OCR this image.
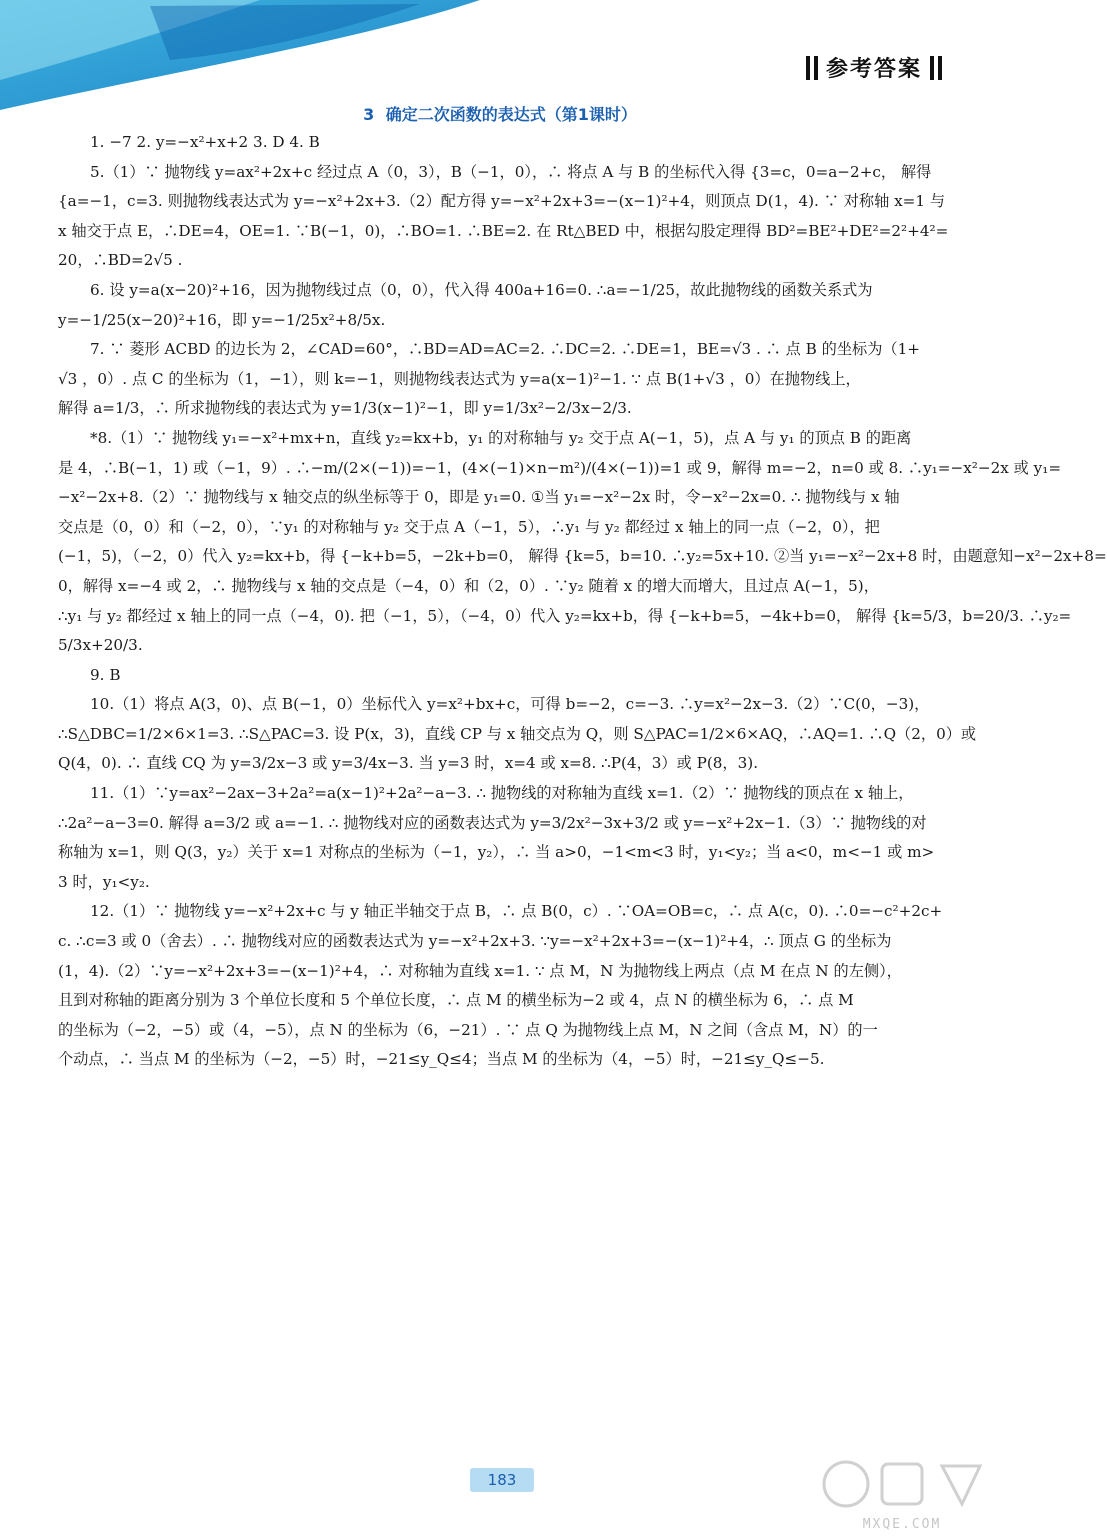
参考答案
3 确定二次函数的表达式（第1课时）
1. −7 2. y=−x²+x+2 3. D 4. B
5.（1）∵ 抛物线 y=ax²+2x+c 经过点 A（0，3），B（−1，0），∴ 将点 A 与 B 的坐标代入得 {3=c，0=a−2+c， 解得
{a=−1，c=3. 则抛物线表达式为 y=−x²+2x+3.（2）配方得 y=−x²+2x+3=−(x−1)²+4，则顶点 D(1，4). ∵ 对称轴 x=1 与
x 轴交于点 E，∴DE=4，OE=1. ∵B(−1，0)，∴BO=1. ∴BE=2. 在 Rt△BED 中，根据勾股定理得 BD²=BE²+DE²=2²+4²=
20，∴BD=2√5 .
6. 设 y=a(x−20)²+16，因为抛物线过点（0，0），代入得 400a+16=0. ∴a=−1/25，故此抛物线的函数关系式为
y=−1/25(x−20)²+16，即 y=−1/25x²+8/5x.
7. ∵ 菱形 ACBD 的边长为 2，∠CAD=60°，∴BD=AD=AC=2. ∴DC=2. ∴DE=1，BE=√3 . ∴ 点 B 的坐标为（1+
√3 ，0）. 点 C 的坐标为（1，−1），则 k=−1，则抛物线表达式为 y=a(x−1)²−1. ∵ 点 B(1+√3 ，0）在抛物线上，
解得 a=1/3，∴ 所求抛物线的表达式为 y=1/3(x−1)²−1，即 y=1/3x²−2/3x−2/3.
*8.（1）∵ 抛物线 y₁=−x²+mx+n，直线 y₂=kx+b，y₁ 的对称轴与 y₂ 交于点 A(−1，5)，点 A 与 y₁ 的顶点 B 的距离
是 4，∴B(−1，1) 或（−1，9）. ∴−m/(2×(−1))=−1，(4×(−1)×n−m²)/(4×(−1))=1 或 9，解得 m=−2，n=0 或 8. ∴y₁=−x²−2x 或 y₁=
−x²−2x+8.（2）∵ 抛物线与 x 轴交点的纵坐标等于 0，即是 y₁=0. ①当 y₁=−x²−2x 时，令−x²−2x=0. ∴ 抛物线与 x 轴
交点是（0，0）和（−2，0），∵y₁ 的对称轴与 y₂ 交于点 A（−1，5），∴y₁ 与 y₂ 都经过 x 轴上的同一点（−2，0），把
(−1，5)，（−2，0）代入 y₂=kx+b，得 {−k+b=5，−2k+b=0， 解得 {k=5，b=10. ∴y₂=5x+10. ②当 y₁=−x²−2x+8 时，由题意知−x²−2x+8=
0，解得 x=−4 或 2，∴ 抛物线与 x 轴的交点是（−4，0）和（2，0）. ∵y₂ 随着 x 的增大而增大，且过点 A(−1，5)，
∴y₁ 与 y₂ 都经过 x 轴上的同一点（−4，0). 把（−1，5），（−4，0）代入 y₂=kx+b，得 {−k+b=5，−4k+b=0， 解得 {k=5/3，b=20/3. ∴y₂=
5/3x+20/3.
9. B
10.（1）将点 A(3，0)、点 B(−1，0）坐标代入 y=x²+bx+c，可得 b=−2，c=−3. ∴y=x²−2x−3.（2）∵C(0，−3)，
∴S△DBC=1/2×6×1=3. ∴S△PAC=3. 设 P(x，3)，直线 CP 与 x 轴交点为 Q，则 S△PAC=1/2×6×AQ，∴AQ=1. ∴Q（2，0）或
Q(4，0). ∴ 直线 CQ 为 y=3/2x−3 或 y=3/4x−3. 当 y=3 时，x=4 或 x=8. ∴P(4，3）或 P(8，3).
11.（1）∵y=ax²−2ax−3+2a²=a(x−1)²+2a²−a−3. ∴ 抛物线的对称轴为直线 x=1.（2）∵ 抛物线的顶点在 x 轴上，
∴2a²−a−3=0. 解得 a=3/2 或 a=−1. ∴ 抛物线对应的函数表达式为 y=3/2x²−3x+3/2 或 y=−x²+2x−1.（3）∵ 抛物线的对
称轴为 x=1，则 Q(3，y₂）关于 x=1 对称点的坐标为（−1，y₂），∴ 当 a>0，−1<m<3 时，y₁<y₂；当 a<0，m<−1 或 m>
3 时，y₁<y₂.
12.（1）∵ 抛物线 y=−x²+2x+c 与 y 轴正半轴交于点 B，∴ 点 B(0，c）. ∵OA=OB=c，∴ 点 A(c，0). ∴0=−c²+2c+
c. ∴c=3 或 0（舍去）. ∴ 抛物线对应的函数表达式为 y=−x²+2x+3. ∵y=−x²+2x+3=−(x−1)²+4，∴ 顶点 G 的坐标为
(1，4).（2）∵y=−x²+2x+3=−(x−1)²+4，∴ 对称轴为直线 x=1. ∵ 点 M，N 为抛物线上两点（点 M 在点 N 的左侧），
且到对称轴的距离分别为 3 个单位长度和 5 个单位长度，∴ 点 M 的横坐标为−2 或 4，点 N 的横坐标为 6，∴ 点 M
的坐标为（−2，−5）或（4，−5），点 N 的坐标为（6，−21）. ∵ 点 Q 为抛物线上点 M，N 之间（含点 M，N）的一
个动点，∴ 当点 M 的坐标为（−2，−5）时，−21≤y_Q≤4；当点 M 的坐标为（4，−5）时，−21≤y_Q≤−5.
183
MXQE.COM
